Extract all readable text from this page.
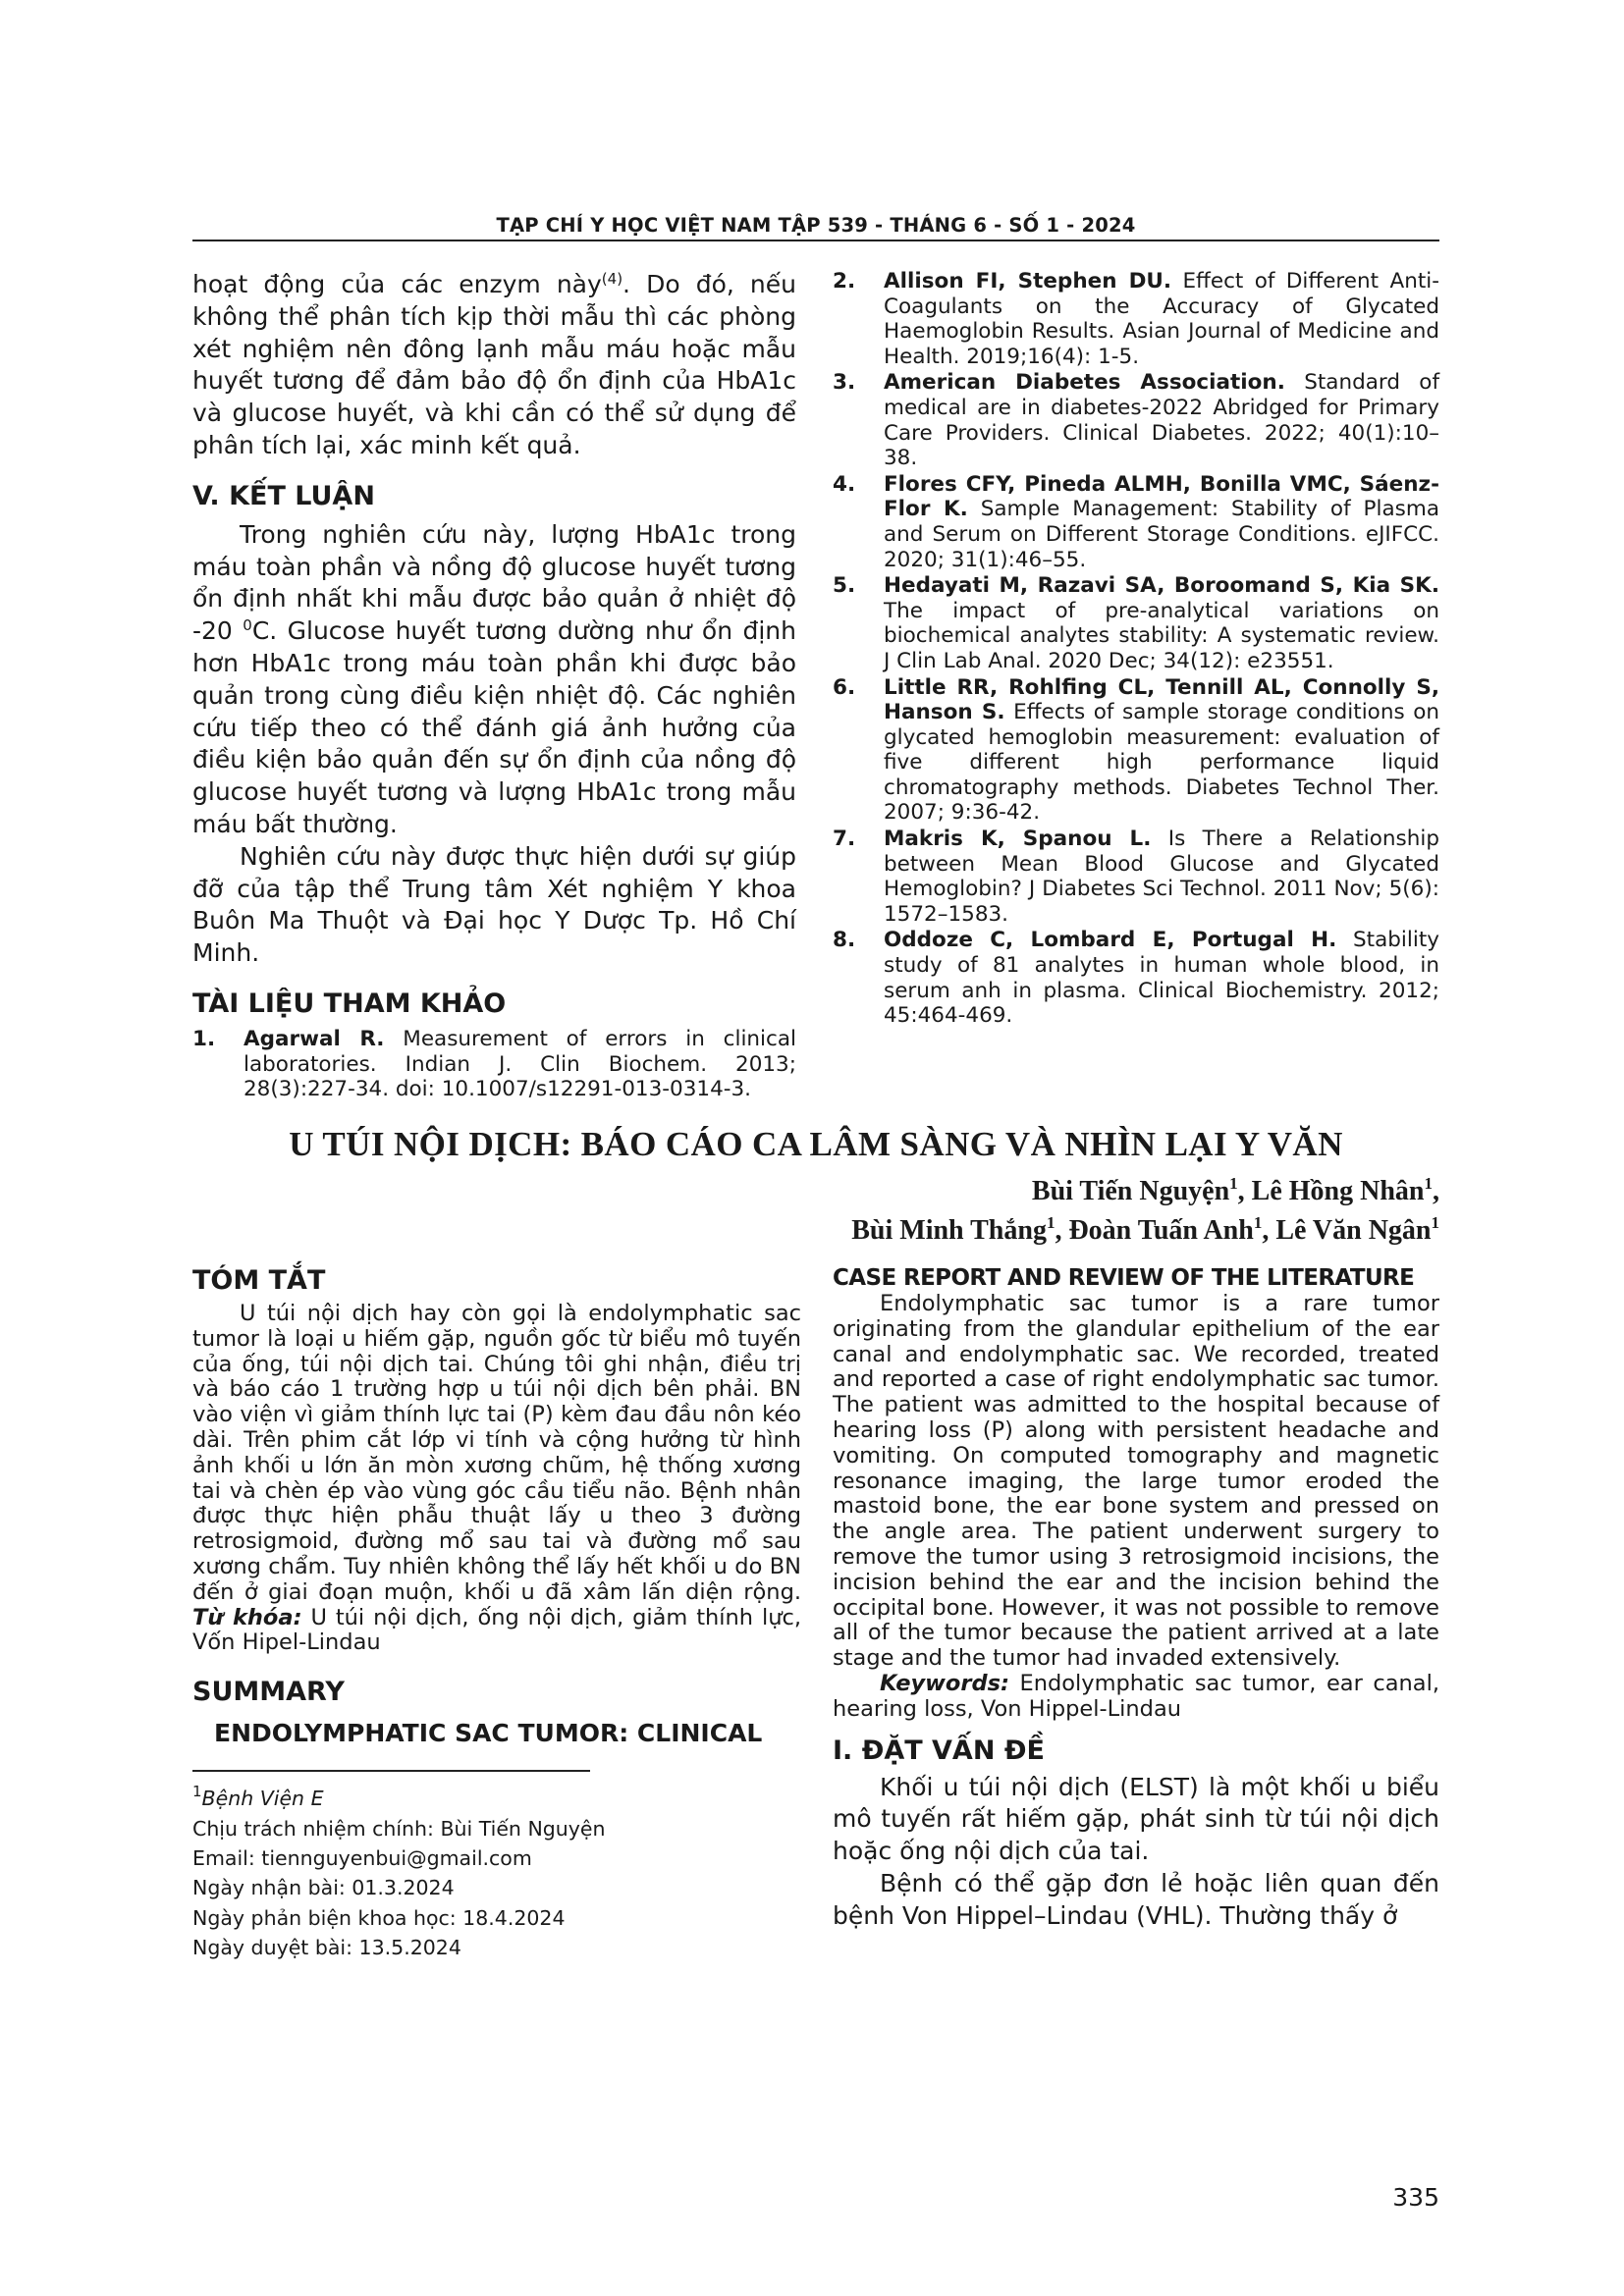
TẠP CHÍ Y HỌC VIỆT NAM TẬP 539 - THÁNG 6 - SỐ 1 - 2024

hoạt động của các enzym này$^{(4)}$. Do đó, nếu không thể phân tích kịp thời mẫu thì các phòng xét nghiệm nên đông lạnh mẫu máu hoặc mẫu huyết tương để đảm bảo độ ổn định của HbA1c và glucose huyết, và khi cần có thể sử dụng để phân tích lại, xác minh kết quả.

V. KẾT LUẬN

Trong nghiên cứu này, lượng HbA1c trong máu toàn phần và nồng độ glucose huyết tương ổn định nhất khi mẫu được bảo quản ở nhiệt độ -20 $^0$C. Glucose huyết tương dường như ổn định hơn HbA1c trong máu toàn phần khi được bảo quản trong cùng điều kiện nhiệt độ. Các nghiên cứu tiếp theo có thể đánh giá ảnh hưởng của điều kiện bảo quản đến sự ổn định của nồng độ glucose huyết tương và lượng HbA1c trong mẫu máu bất thường.

Nghiên cứu này được thực hiện dưới sự giúp đỡ của tập thể Trung tâm Xét nghiệm Y khoa Buôn Ma Thuột và Đại học Y Dược Tp. Hồ Chí Minh.

TÀI LIỆU THAM KHẢO
1. Agarwal R. Measurement of errors in clinical laboratories. Indian J. Clin Biochem. 2013; 28(3):227-34. doi: 10.1007/s12291-013-0314-3.
2. Allison FI, Stephen DU. Effect of Different Anti-Coagulants on the Accuracy of Glycated Haemoglobin Results. Asian Journal of Medicine and Health. 2019;16(4): 1-5.
3. American Diabetes Association. Standard of medical are in diabetes-2022 Abridged for Primary Care Providers. Clinical Diabetes. 2022; 40(1):10–38.
4. Flores CFY, Pineda ALMH, Bonilla VMC, Sáenz-Flor K. Sample Management: Stability of Plasma and Serum on Different Storage Conditions. eJIFCC. 2020; 31(1):46–55.
5. Hedayati M, Razavi SA, Boroomand S, Kia SK. The impact of pre-analytical variations on biochemical analytes stability: A systematic review. J Clin Lab Anal. 2020 Dec; 34(12): e23551.
6. Little RR, Rohlfing CL, Tennill AL, Connolly S, Hanson S. Effects of sample storage conditions on glycated hemoglobin measurement: evaluation of five different high performance liquid chromatography methods. Diabetes Technol Ther. 2007; 9:36-42.
7. Makris K, Spanou L. Is There a Relationship between Mean Blood Glucose and Glycated Hemoglobin? J Diabetes Sci Technol. 2011 Nov; 5(6): 1572–1583.
8. Oddoze C, Lombard E, Portugal H. Stability study of 81 analytes in human whole blood, in serum anh in plasma. Clinical Biochemistry. 2012; 45:464-469.
U TÚI NỘI DỊCH: BÁO CÁO CA LÂM SÀNG VÀ NHÌN LẠI Y VĂN
Bùi Tiến Nguyện$^1$, Lê Hồng Nhân$^1$,
Bùi Minh Thắng$^1$, Đoàn Tuấn Anh$^1$, Lê Văn Ngân$^1$
TÓM TẮT

U túi nội dịch hay còn gọi là endolymphatic sac tumor là loại u hiếm gặp, nguồn gốc từ biểu mô tuyến của ống, túi nội dịch tai. Chúng tôi ghi nhận, điều trị và báo cáo 1 trường hợp u túi nội dịch bên phải. BN vào viện vì giảm thính lực tai (P) kèm đau đầu nôn kéo dài. Trên phim cắt lớp vi tính và cộng hưởng từ hình ảnh khối u lớn ăn mòn xương chũm, hệ thống xương tai và chèn ép vào vùng góc cầu tiểu não. Bệnh nhân được thực hiện phẫu thuật lấy u theo 3 đường retrosigmoid, đường mổ sau tai và đường mổ sau xương chẩm. Tuy nhiên không thể lấy hết khối u do BN đến ở giai đoạn muộn, khối u đã xâm lấn diện rộng. Từ khóa: U túi nội dịch, ống nội dịch, giảm thính lực, Vốn Hipel-Lindau

SUMMARY
ENDOLYMPHATIC SAC TUMOR: CLINICAL
$^1$Bệnh Viện E
Chịu trách nhiệm chính: Bùi Tiến Nguyện
Email: tiennguyenbui@gmail.com
Ngày nhận bài: 01.3.2024
Ngày phản biện khoa học: 18.4.2024
Ngày duyệt bài: 13.5.2024
CASE REPORT AND REVIEW OF THE LITERATURE

Endolymphatic sac tumor is a rare tumor originating from the glandular epithelium of the ear canal and endolymphatic sac. We recorded, treated and reported a case of right endolymphatic sac tumor. The patient was admitted to the hospital because of hearing loss (P) along with persistent headache and vomiting. On computed tomography and magnetic resonance imaging, the large tumor eroded the mastoid bone, the ear bone system and pressed on the angle area. The patient underwent surgery to remove the tumor using 3 retrosigmoid incisions, the incision behind the ear and the incision behind the occipital bone. However, it was not possible to remove all of the tumor because the patient arrived at a late stage and the tumor had invaded extensively.

Keywords: Endolymphatic sac tumor, ear canal, hearing loss, Von Hippel-Lindau

I. ĐẶT VẤN ĐỀ

Khối u túi nội dịch (ELST) là một khối u biểu mô tuyến rất hiếm gặp, phát sinh từ túi nội dịch hoặc ống nội dịch của tai.

Bệnh có thể gặp đơn lẻ hoặc liên quan đến bệnh Von Hippel–Lindau (VHL). Thường thấy ở

335
